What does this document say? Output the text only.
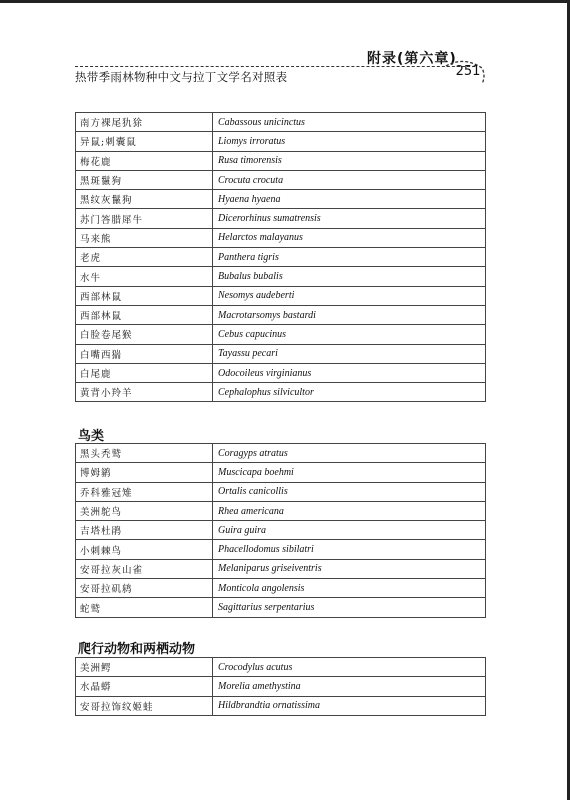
附录(第六章)
热带季雨林物种中文与拉丁文学名对照表	251
南方裸尾犰狳	Cabassous unicinctus
异鼠;刺囊鼠	Liomys irroratus
梅花鹿	Rusa timorensis
黑斑鬣狗	Crocuta crocuta
黑纹灰鬣狗	Hyaena hyaena
苏门答腊犀牛	Dicerorhinus sumatrensis
马来熊	Helarctos malayanus
老虎	Panthera tigris
水牛	Bubalus bubalis
西部林鼠	Nesomys audeberti
西部林鼠	Macrotarsomys bastardi
白脸卷尾猴	Cebus capucinus
白嘴西猯	Tayassu pecari
白尾鹿	Odocoileus virginianus
黄背小羚羊	Cephalophus silvicultor
鸟类
黑头秃鹫	Coragyps atratus
博姆鹟	Muscicapa boehmi
乔科雅冠雉	Ortalis canicollis
美洲鸵鸟	Rhea americana
吉塔杜鹃	Guira guira
小刺棘鸟	Phacellodomus sibilatri
安哥拉灰山雀	Melaniparus griseiventris
安哥拉矶鸫	Monticola angolensis
蛇鹫	Sagittarius serpentarius
爬行动物和两栖动物
美洲鳄	Crocodylus acutus
水晶蟒	Morelia amethystina
安哥拉饰纹姬蛙	Hildbrandtia ornatissima
